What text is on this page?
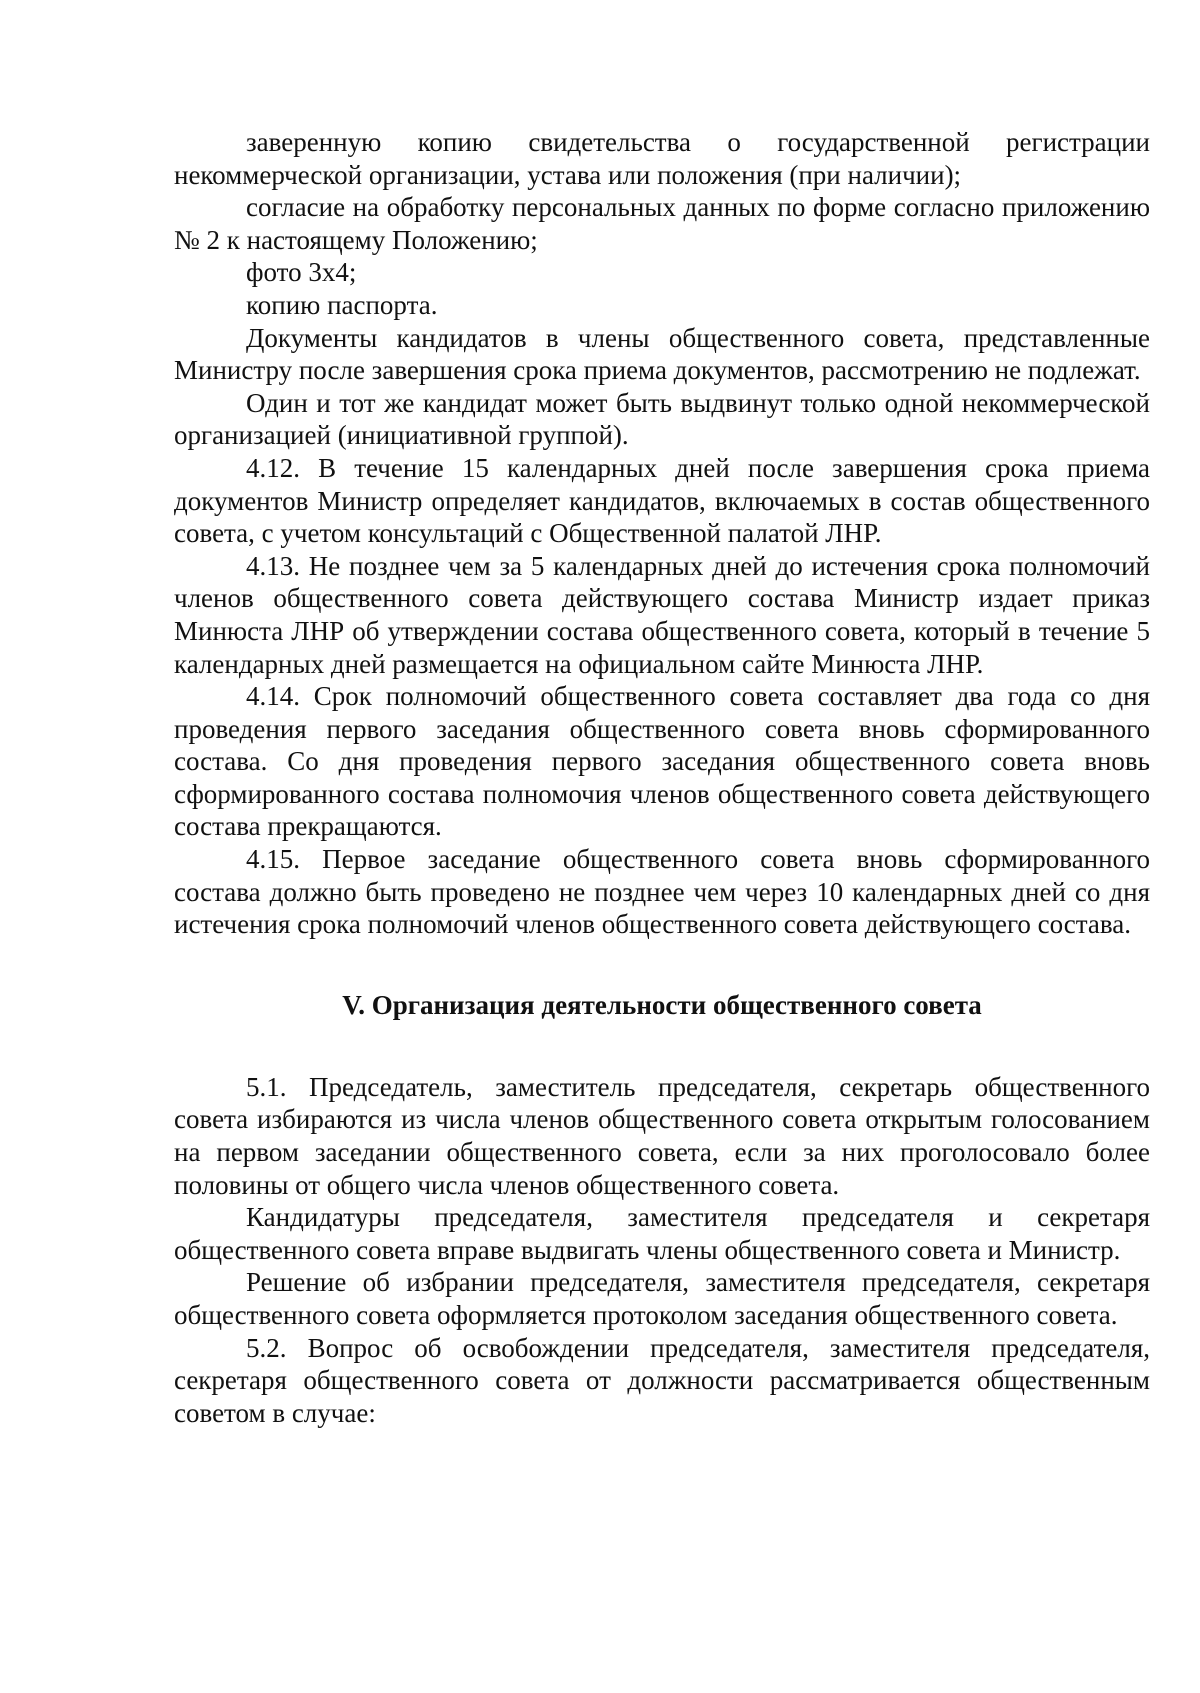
заверенную копию свидетельства о государственной регистрации некоммерческой организации, устава или положения (при наличии);

согласие на обработку персональных данных по форме согласно приложению № 2 к настоящему Положению;

фото 3х4;

копию паспорта.

Документы кандидатов в члены общественного совета, представленные Министру после завершения срока приема документов, рассмотрению не подлежат.

Один и тот же кандидат может быть выдвинут только одной некоммерческой организацией (инициативной группой).

4.12. В течение 15 календарных дней после завершения срока приема документов Министр определяет кандидатов, включаемых в состав общественного совета, с учетом консультаций с Общественной палатой ЛНР.

4.13. Не позднее чем за 5 календарных дней до истечения срока полномочий членов общественного совета действующего состава Министр издает приказ Минюста ЛНР об утверждении состава общественного совета, который в течение 5 календарных дней размещается на официальном сайте Минюста ЛНР.

4.14. Срок полномочий общественного совета составляет два года со дня проведения первого заседания общественного совета вновь сформированного состава. Со дня проведения первого заседания общественного совета вновь сформированного состава полномочия членов общественного совета действующего состава прекращаются.

4.15. Первое заседание общественного совета вновь сформированного состава должно быть проведено не позднее чем через 10 календарных дней со дня истечения срока полномочий членов общественного совета действующего состава.

V. Организация деятельности общественного совета

5.1. Председатель, заместитель председателя, секретарь общественного совета избираются из числа членов общественного совета открытым голосованием на первом заседании общественного совета, если за них проголосовало более половины от общего числа членов общественного совета.

Кандидатуры председателя, заместителя председателя и секретаря общественного совета вправе выдвигать члены общественного совета и Министр.

Решение об избрании председателя, заместителя председателя, секретаря общественного совета оформляется протоколом заседания общественного совета.

5.2. Вопрос об освобождении председателя, заместителя председателя, секретаря общественного совета от должности рассматривается общественным советом в случае:
